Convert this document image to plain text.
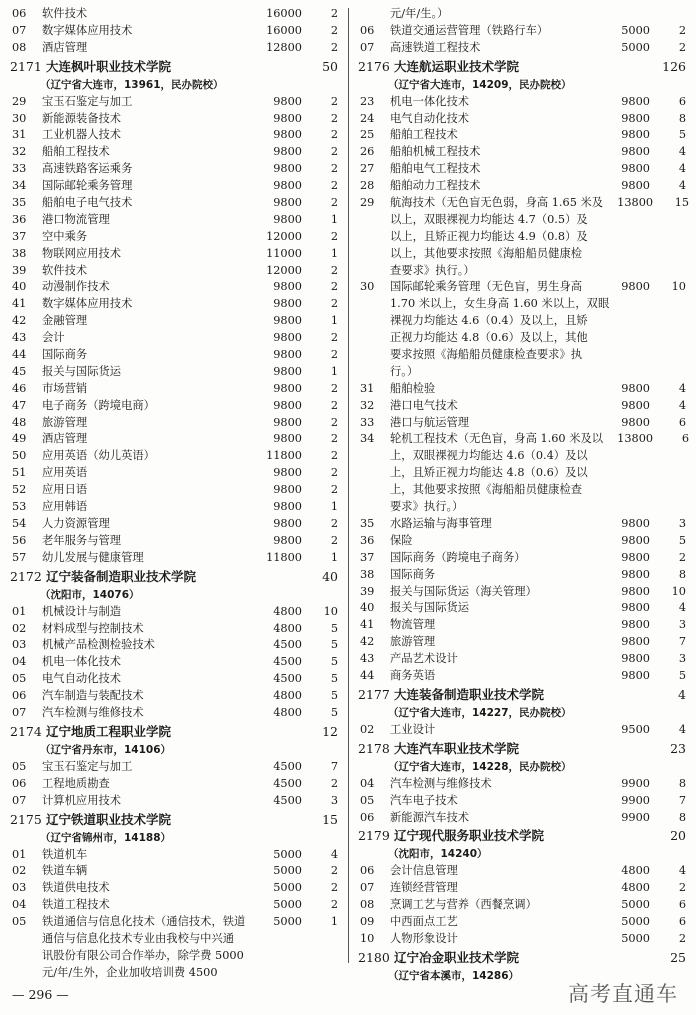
06	软件技术	16000	2
07	数字媒体应用技术	16000	2
08	酒店管理	12800	2
2171 大连枫叶职业技术学院	50
（辽宁省大连市，13961，民办院校）
29	宝玉石鉴定与加工	9800	2
30	新能源装备技术	9800	2
31	工业机器人技术	9800	2
32	船舶工程技术	9800	2
33	高速铁路客运乘务	9800	2
34	国际邮轮乘务管理	9800	2
35	船舶电子电气技术	9800	2
36	港口物流管理	9800	1
37	空中乘务	12000	2
38	物联网应用技术	11000	1
39	软件技术	12000	2
40	动漫制作技术	9800	2
41	数字媒体应用技术	9800	2
42	金融管理	9800	1
43	会计	9800	2
44	国际商务	9800	2
45	报关与国际货运	9800	1
46	市场营销	9800	2
47	电子商务（跨境电商）	9800	2
48	旅游管理	9800	2
49	酒店管理	9800	2
50	应用英语（幼儿英语）	11800	2
51	应用英语	9800	2
52	应用日语	9800	2
53	应用韩语	9800	1
54	人力资源管理	9800	2
56	老年服务与管理	9800	2
57	幼儿发展与健康管理	11800	1
2172 辽宁装备制造职业技术学院	40
（沈阳市，14076）
01	机械设计与制造	4800	10
02	材料成型与控制技术	4800	5
03	机械产品检测检验技术	4500	5
04	机电一体化技术	4500	5
05	电气自动化技术	4500	5
06	汽车制造与装配技术	4800	5
07	汽车检测与维修技术	4800	5
2174 辽宁地质工程职业学院	12
（辽宁省丹东市，14106）
05	宝玉石鉴定与加工	4500	7
06	工程地质勘查	4500	2
07	计算机应用技术	4500	3
2175 辽宁铁道职业技术学院	15
（辽宁省锦州市，14188）
01	铁道机车	5000	4
02	铁道车辆	5000	2
03	铁道供电技术	5000	2
04	铁道工程技术	5000	2
05	铁道通信与信息化技术（通信技术，铁道	5000	1
通信与信息化技术专业由我校与中兴通
讯股份有限公司合作举办，除学费 5000
元/年/生外，企业加收培训费 4500
元/年/生。）
06	铁道交通运营管理（铁路行车）	5000	2
07	高速铁道工程技术	5000	2
2176 大连航运职业技术学院	126
（辽宁省大连市，14209，民办院校）
23	机电一体化技术	9800	6
24	电气自动化技术	9800	8
25	船舶工程技术	9800	5
26	船舶机械工程技术	9800	4
27	船舶电气工程技术	9800	4
28	船舶动力工程技术	9800	4
29	航海技术（无色盲无色弱，身高 1.65 米及	13800	15
以上，双眼裸视力均能达 4.7（0.5）及
以上，且矫正视力均能达 4.9（0.8）及
以上，其他要求按照《海船船员健康检
查要求》执行。）
30	国际邮轮乘务管理（无色盲，男生身高	9800	10
1.70 米以上，女生身高 1.60 米以上，双眼
裸视力均能达 4.6（0.4）及以上，且矫
正视力均能达 4.8（0.6）及以上，其他
要求按照《海船船员健康检查要求》执
行。）
31	船舶检验	9800	4
32	港口电气技术	9800	4
33	港口与航运管理	9800	6
34	轮机工程技术（无色盲，身高 1.60 米及以	13800	6
上，双眼裸视力均能达 4.6（0.4）及以
上，且矫正视力均能达 4.8（0.6）及以
上，其他要求按照《海船船员健康检查
要求》执行。）
35	水路运输与海事管理	9800	3
36	保险	9800	5
37	国际商务（跨境电子商务）	9800	2
38	国际商务	9800	8
39	报关与国际货运（海关管理）	9800	10
40	报关与国际货运	9800	4
41	物流管理	9800	3
42	旅游管理	9800	7
43	产品艺术设计	9800	3
44	商务英语	9800	5
2177 大连装备制造职业技术学院	4
（辽宁省大连市，14227，民办院校）
02	工业设计	9500	4
2178 大连汽车职业技术学院	23
（辽宁省大连市，14228，民办院校）
04	汽车检测与维修技术	9900	8
05	汽车电子技术	9900	7
06	新能源汽车技术	9900	8
2179 辽宁现代服务职业技术学院	20
（沈阳市，14240）
06	会计信息管理	4800	4
07	连锁经营管理	4800	2
08	烹调工艺与营养（西餐烹调）	5000	6
09	中西面点工艺	5000	6
10	人物形象设计	5000	2
2180 辽宁冶金职业技术学院	25
（辽宁省本溪市，14286）
— 296 —	高考直通车
